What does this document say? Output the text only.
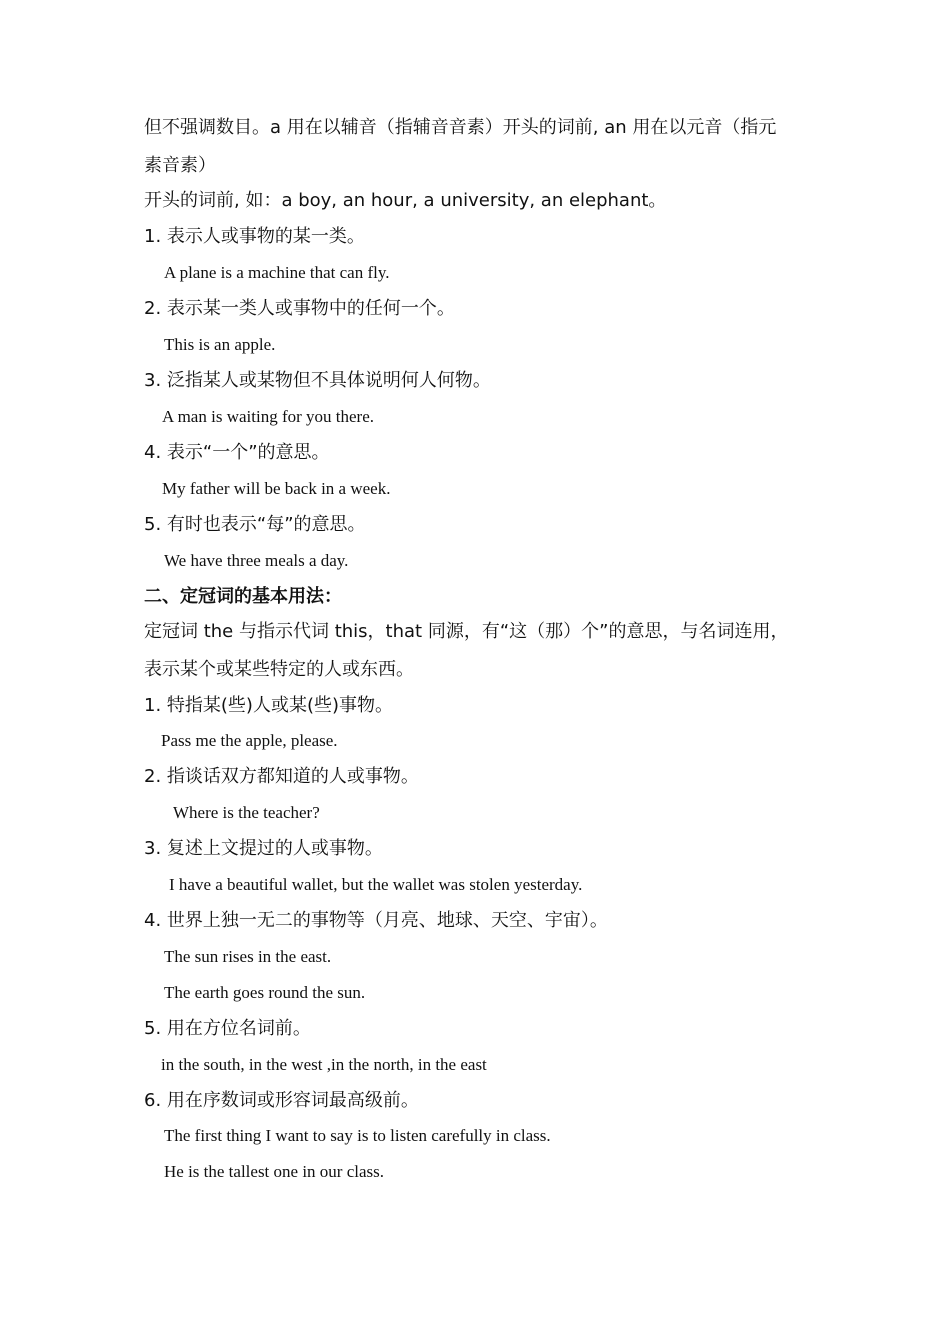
但不强调数目。a 用在以辅音（指辅音音素）开头的词前, an 用在以元音（指元
素音素）
开头的词前, 如：a boy, an hour, a university, an elephant。
1. 表示人或事物的某一类。
A plane is a machine that can fly.
2. 表示某一类人或事物中的任何一个。
This is an apple.
3. 泛指某人或某物但不具体说明何人何物。
A man is waiting for you there.
4. 表示“一个”的意思。
My father will be back in a week.
5. 有时也表示“每”的意思。
We have three meals a day.
二、定冠词的基本用法：
定冠词 the 与指示代词 this，that 同源，有“这（那）个”的意思，与名词连用，
表示某个或某些特定的人或东西。
1. 特指某(些)人或某(些)事物。
Pass me the apple, please.
2. 指谈话双方都知道的人或事物。
Where is the teacher?
3. 复述上文提过的人或事物。
I have a beautiful wallet, but the wallet was stolen yesterday.
4. 世界上独一无二的事物等（月亮、地球、天空、宇宙）。
The sun rises in the east.
The earth goes round the sun.
5. 用在方位名词前。
in the south, in the west ,in the north, in the east
6. 用在序数词或形容词最高级前。
The first thing I want to say is to listen carefully in class.
He is the tallest one in our class.
